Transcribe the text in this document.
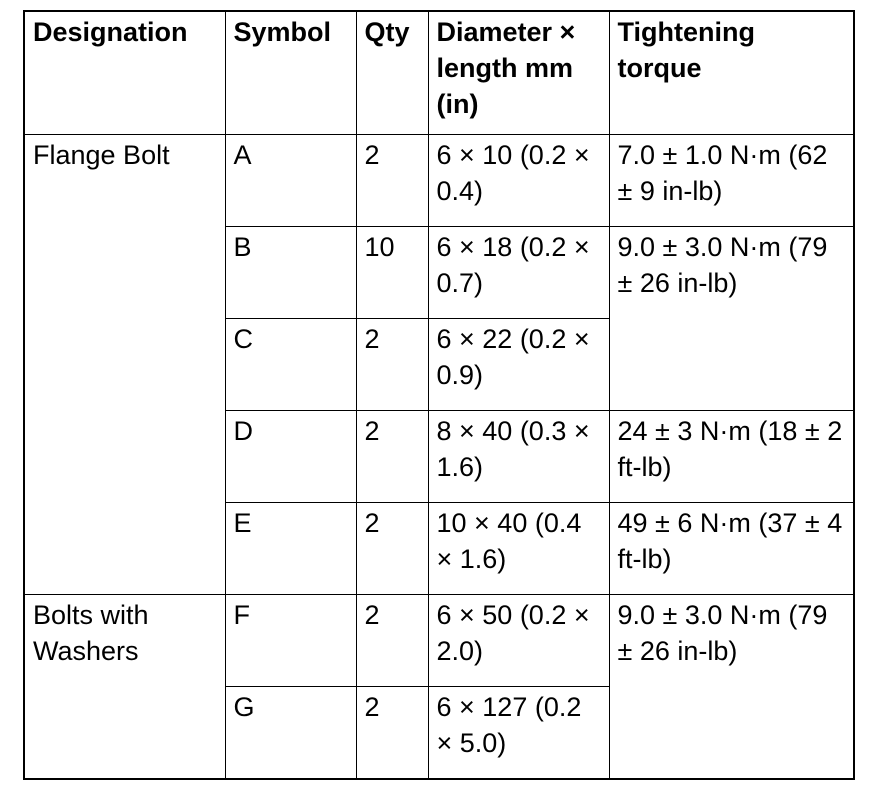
Designation	Symbol	Qty	Diameter × length mm (in)	Tightening torque
Flange Bolt	A	2	6 × 10 (0.2 × 0.4)	7.0 ± 1.0 N·m (62 ± 9 in-lb)
	B	10	6 × 18 (0.2 × 0.7)	9.0 ± 3.0 N·m (79 ± 26 in-lb)
	C	2	6 × 22 (0.2 × 0.9)	
	D	2	8 × 40 (0.3 × 1.6)	24 ± 3 N·m (18 ± 2 ft-lb)
	E	2	10 × 40 (0.4 × 1.6)	49 ± 6 N·m (37 ± 4 ft-lb)
Bolts with Washers	F	2	6 × 50 (0.2 × 2.0)	9.0 ± 3.0 N·m (79 ± 26 in-lb)
	G	2	6 × 127 (0.2 × 5.0)	
